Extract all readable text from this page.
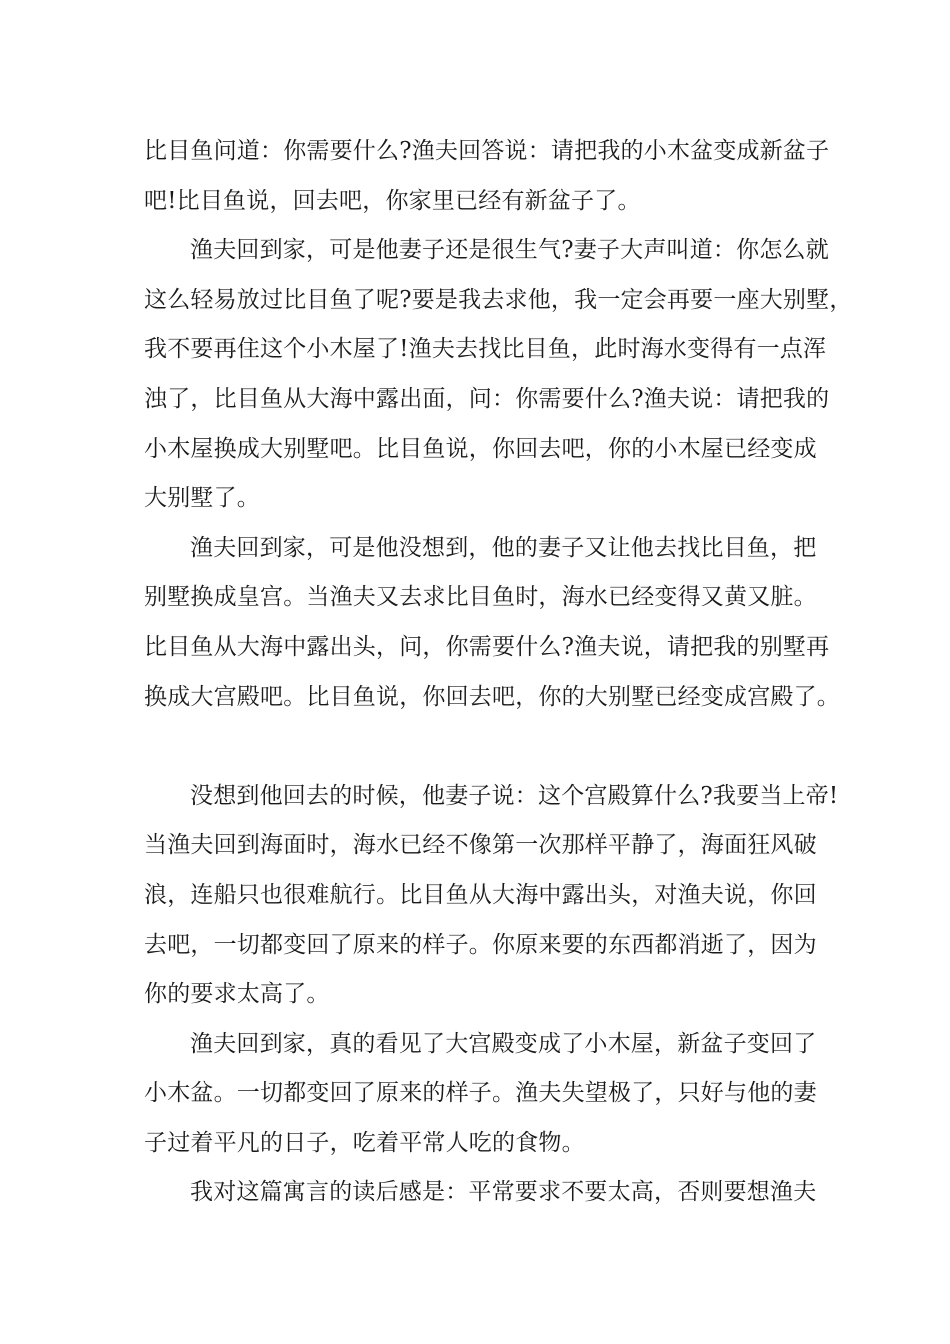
比目鱼问道：你需要什么?渔夫回答说：请把我的小木盆变成新盆子
吧!比目鱼说，回去吧，你家里已经有新盆子了。
渔夫回到家，可是他妻子还是很生气?妻子大声叫道：你怎么就
这么轻易放过比目鱼了呢?要是我去求他，我一定会再要一座大别墅，
我不要再住这个小木屋了!渔夫去找比目鱼，此时海水变得有一点浑
浊了，比目鱼从大海中露出面，问：你需要什么?渔夫说：请把我的
小木屋换成大别墅吧。比目鱼说，你回去吧，你的小木屋已经变成
大别墅了。
渔夫回到家，可是他没想到，他的妻子又让他去找比目鱼，把
别墅换成皇宫。当渔夫又去求比目鱼时，海水已经变得又黄又脏。
比目鱼从大海中露出头，问，你需要什么?渔夫说，请把我的别墅再
换成大宫殿吧。比目鱼说，你回去吧，你的大别墅已经变成宫殿了。
没想到他回去的时候，他妻子说：这个宫殿算什么?我要当上帝!
当渔夫回到海面时，海水已经不像第一次那样平静了，海面狂风破
浪，连船只也很难航行。比目鱼从大海中露出头，对渔夫说，你回
去吧，一切都变回了原来的样子。你原来要的东西都消逝了，因为
你的要求太高了。
渔夫回到家，真的看见了大宫殿变成了小木屋，新盆子变回了
小木盆。一切都变回了原来的样子。渔夫失望极了，只好与他的妻
子过着平凡的日子，吃着平常人吃的食物。
我对这篇寓言的读后感是：平常要求不要太高，否则要想渔夫
